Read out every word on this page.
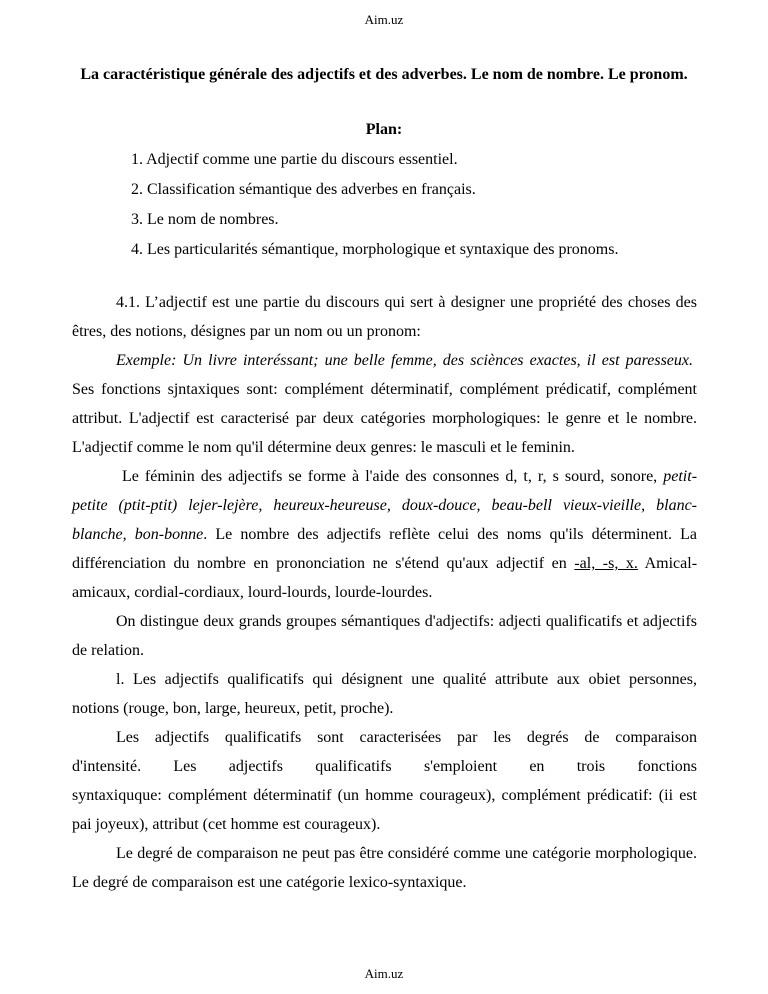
Aim.uz
La caractéristique générale des adjectifs et des adverbes. Le nom de nombre. Le pronom.
Plan:
1. Adjectif comme une partie du discours essentiel.
2. Classification sémantique des adverbes en français.
3. Le nom de nombres.
4. Les particularités sémantique, morphologique et syntaxique des pronoms.

4.1. L’adjectif est une partie du discours qui sert à designer une propriété des choses des êtres, des notions, désignes par un nom ou un pronom:

Exemple: Un livre interéssant; une belle femme, des sciènces exactes, il est paresseux.  Ses fonctions sjntaxiques sont: complément déterminatif, complément prédicatif, complément attribut. L'adjectif est caracterisé par deux catégories morphologiques: le genre et le nombre. L'adjectif comme le nom qu'il détermine deux genres: le masculi et le feminin.

Le féminin des adjectifs se forme à l'aide des consonnes d, t, r, s sourd, sonore, petit-petite (ptit-ptit) lejer-lejère, heureux-heureuse, doux-douce, beau-bell vieux-vieille, blanc-blanche, bon-bonne. Le nombre des adjectifs reflète celui des noms qu'ils déterminent. La différenciation du nombre en prononciation ne s'étend qu'aux adjectif en -al, -s, x. Amical-amicaux, cordial-cordiaux, lourd-lourds, lourde-lourdes.

On distingue deux grands groupes sémantiques d'adjectifs: adjecti qualificatifs et adjectifs de relation.

l. Les adjectifs qualificatifs qui désignent une qualité attribute aux obiet personnes, notions (rouge, bon, large, heureux, petit, proche).

Les adjectifs qualificatifs sont caracterisées par les degrés de comparaison

d'intensité. Les adjectifs qualificatifs s'emploient en trois fonctions

syntaxiquque: complément déterminatif (un homme courageux), complément prédicatif: (ii est pai joyeux), attribut (cet homme est courageux).

Le degré de comparaison ne peut pas être considéré comme une catégorie morphologique. Le degré de comparaison est une catégorie lexico-syntaxique.

Aim.uz
